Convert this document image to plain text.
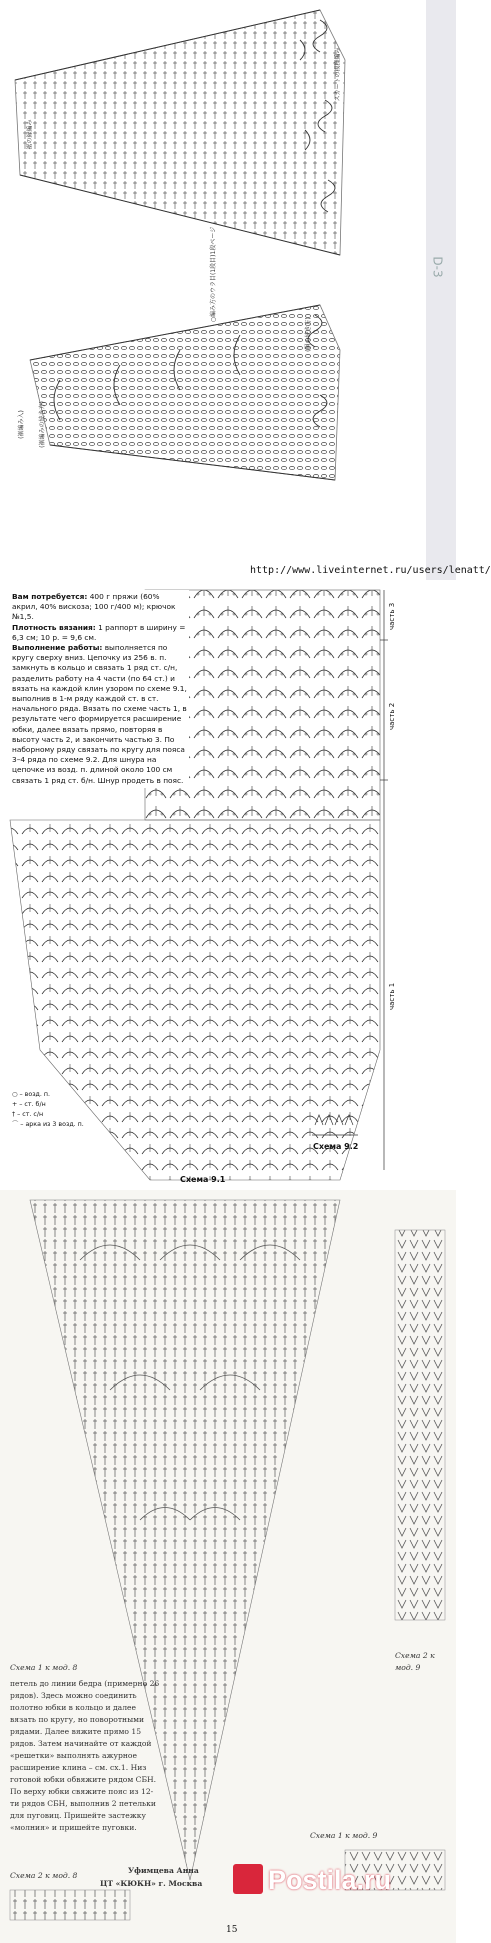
裾の縁編み
(裾編み入)	(裾編みの続き方)
(胴の続き方)
スカートの模様編み
○編み方のウラ目(1段目)1段ページ	D-3
http://www.liveinternet.ru/users/lenatt/
Вам потребуется: 400 г пряжи (60% акрил, 40% вискоза; 100 г/400 м); крючок №1,5.
Плотность вязания: 1 раппорт в ширину = 6,3 см; 10 р. = 9,6 см.
Выполнение работы: выполняется по кругу сверху вниз. Цепочку из 256 в. п. замкнуть в кольцо и связать 1 ряд ст. с/н, разделить работу на 4 части (по 64 ст.) и вязать на каждой клин узором по схеме 9.1, выполнив в 1-м ряду каждой ст. в ст. начального ряда. Вязать по схеме часть 1, в результате чего формируется расширение юбки, далее вязать прямо, повторяя в высоту часть 2, и закончить частью 3. По наборному ряду связать по кругу для пояса 3–4 ряда по схеме 9.2. Для шнура на цепочке из возд. п. длиной около 100 см связать 1 ряд ст. б/н. Шнур продеть в пояс.
○ – возд. п.
+ – ст. б/н
† – ст. с/н
⌒ – арка из 3 возд. п.
Схема 9.1
Схема 9.2
часть 1
часть 2
часть 3
Схема 1 к мод. 8
петель до линии бедра (примерно 26 рядов). Здесь можно соединить полотно юбки в кольцо и далее вязать по кругу, но поворотными рядами. Далее вяжите прямо 15 рядов. Затем начинайте от каждой «решетки» выполнять ажурное расширение клина – см. сх.1. Низ готовой юбки обвяжите рядом СБН. По верху юбки свяжите пояс из 12-ти рядов СБН, выполнив 2 петельки для пуговиц. Пришейте застежку «молния» и пришейте пуговки.
Уфимцева Анна
ЦТ «КЮКН» г. Москва
Схема 2 к мод. 9
Схема 1 к мод. 9
Схема 2 к мод. 8
15
Postila.ru
